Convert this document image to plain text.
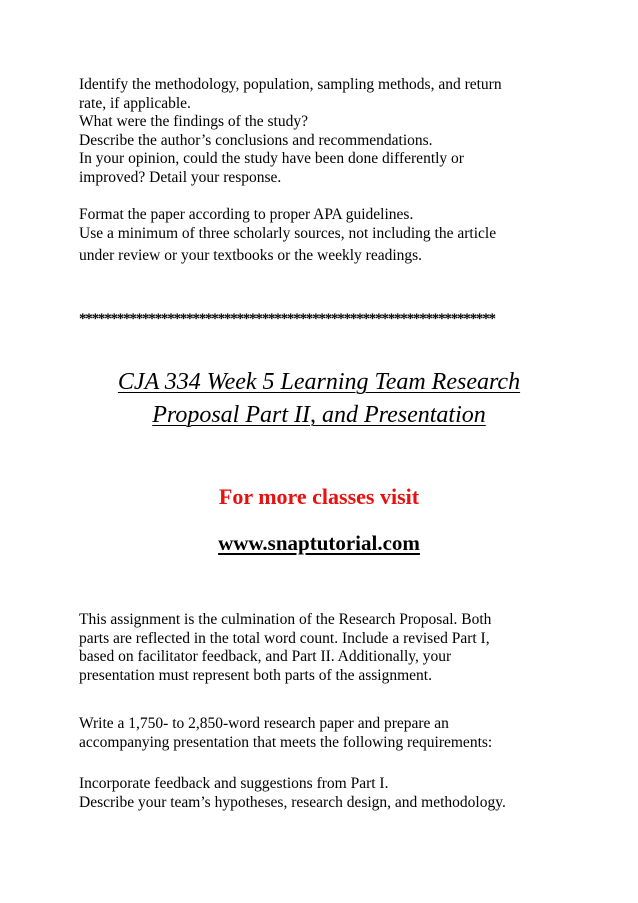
Identify the methodology, population, sampling methods, and return
rate, if applicable.
What were the findings of the study?
Describe the author’s conclusions and recommendations.
In your opinion, could the study have been done differently or
improved? Detail your response.
Format the paper according to proper APA guidelines.
Use a minimum of three scholarly sources, not including the article
under review or your textbooks or the weekly readings.
******************************************************************
CJA 334 Week 5 Learning Team Research
Proposal Part II, and Presentation
For more classes visit
www.snaptutorial.com
This assignment is the culmination of the Research Proposal. Both
parts are reflected in the total word count. Include a revised Part I,
based on facilitator feedback, and Part II. Additionally, your
presentation must represent both parts of the assignment.
Write a 1,750- to 2,850-word research paper and prepare an
accompanying presentation that meets the following requirements:
Incorporate feedback and suggestions from Part I.
Describe your team’s hypotheses, research design, and methodology.
